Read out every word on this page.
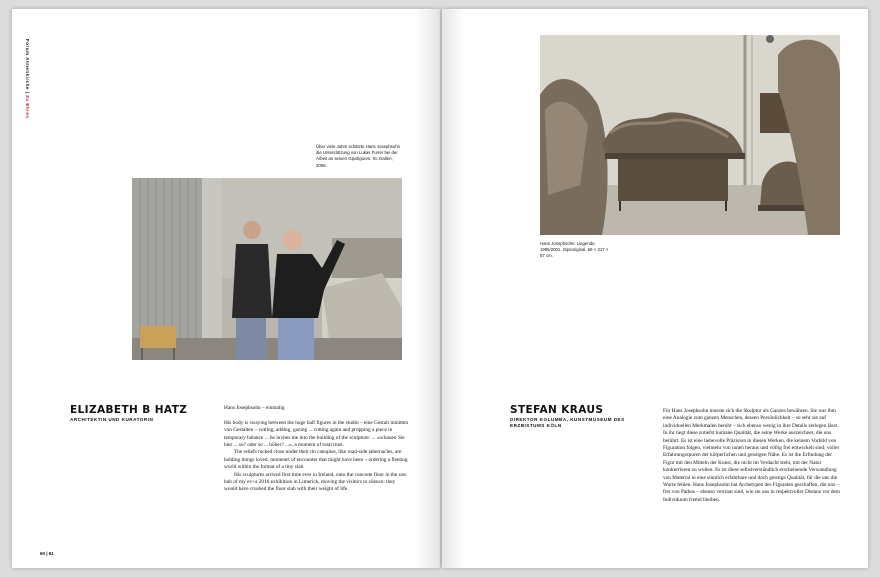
Forum Annenkirche | Zu Ehren
Über viele Jahre schätzte Hans Josephsohn die Unterstützung von Lukas Furrer bei der Arbeit an seinen Gipsfiguren. St. Gallen, 2006.
ELIZABETH B HATZ
ARCHITEKTIN UND KURATORIN

Hans Josephsohn – einmalig

His body is swaying between the huge half figures in the studio – eine Gestalt inmitten von Gestalten – cutting, adding, gazing ... cutting again and propping a piece in temporary balance ... he invites me into the building of the sculpture: ... «schauen Sie hier ... so? oder so ... höher? ...», a moment of total trust.

The reliefs tucked close under their tin canopies, like road-side tabernacles, are holding things loved, moments of encounter that might have been – ordering a fleeting world within the format of a tiny slab.

His sculptures arrived first time ever in Ireland, onto the concrete floor in the raw hub of my ev+a 2010 exhibition in Limerick, moving the visitors to silence: they would have crushed the floor slab with their weight of life.

60 | 61
Hans Josephsohn: Liegende, 1995/2001. Gipsoriginal. 68 × 217 × 57 cm.
STEFAN KRAUS
DIREKTOR KOLUMBA, KUNSTMUSEUM DES ERZBISTUMS KÖLN

Für Hans Josephsohn musste sich die Skulptur als Ganzes bewähren. Sie war ihm eine Analogie zum ganzen Menschen, dessen Persönlichkeit – so sehr sie auf individuellen Merkmalen beruht – sich ebenso wenig in ihre Details zerlegen lässt. In ihr liegt diese zutiefst humane Qualität, die seine Werke auszeichnet, die uns berührt. Es ist eine liebevolle Präzision in diesen Werken, die keinem Vorbild von Figuration folgen, vielmehr von innen heraus und völlig frei entwickelt sind; voller Erfahrungsspuren der körperlichen und geistigen Nähe. Es ist die Erfindung der Figur mit den Mitteln der Kunst, die nicht im Verdacht steht, mit der Natur konkurrieren zu wollen. Es ist diese selbstverständlich erscheinende Verwandlung von Material in eine sinnlich erfahrbare und doch geistige Qualität, für die uns die Worte fehlen. Hans Josephsohn hat Archetypen des Figuralen geschaffen, die uns – frei von Pathos – ebenso vertraut sind, wie sie uns in respektvoller Distanz vor dem Individuum fremd bleiben.
